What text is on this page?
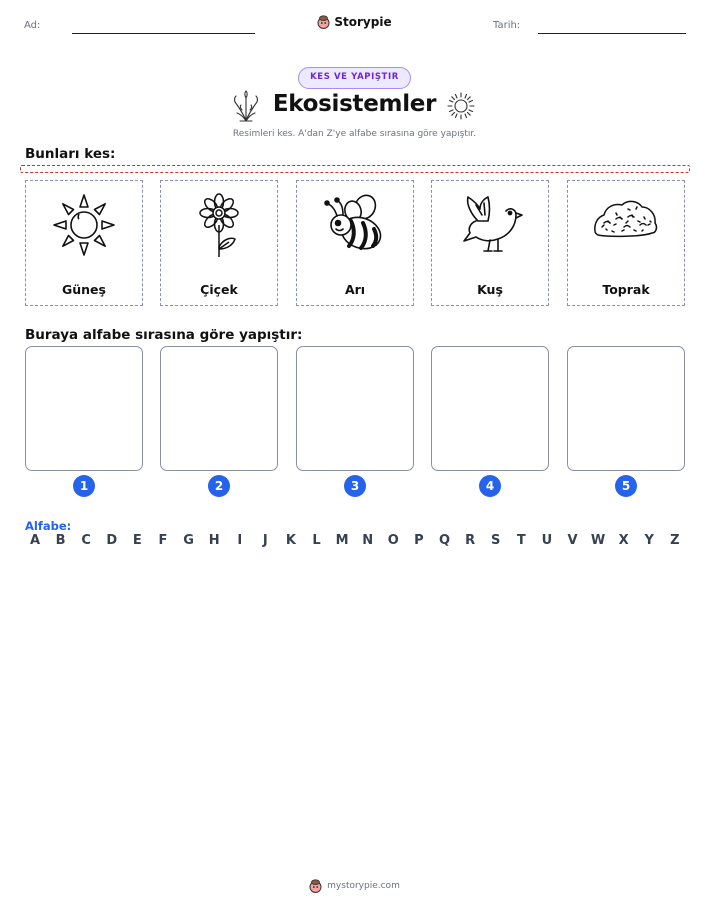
Ad:	Storypie	Tarih:
KES VE YAPIŞTIR
Ekosistemler
Resimleri kes. A'dan Z'ye alfabe sırasına göre yapıştır.
Bunları kes:
Güneş	Çiçek	Arı	Kuş	Toprak
Buraya alfabe sırasına göre yapıştır:
1	2	3	4	5
Alfabe:
A	B	C	D	E	F	G	H	I	J	K	L	M	N	O	P	Q	R	S	T	U	V	W	X	Y	Z
mystorypie.com
